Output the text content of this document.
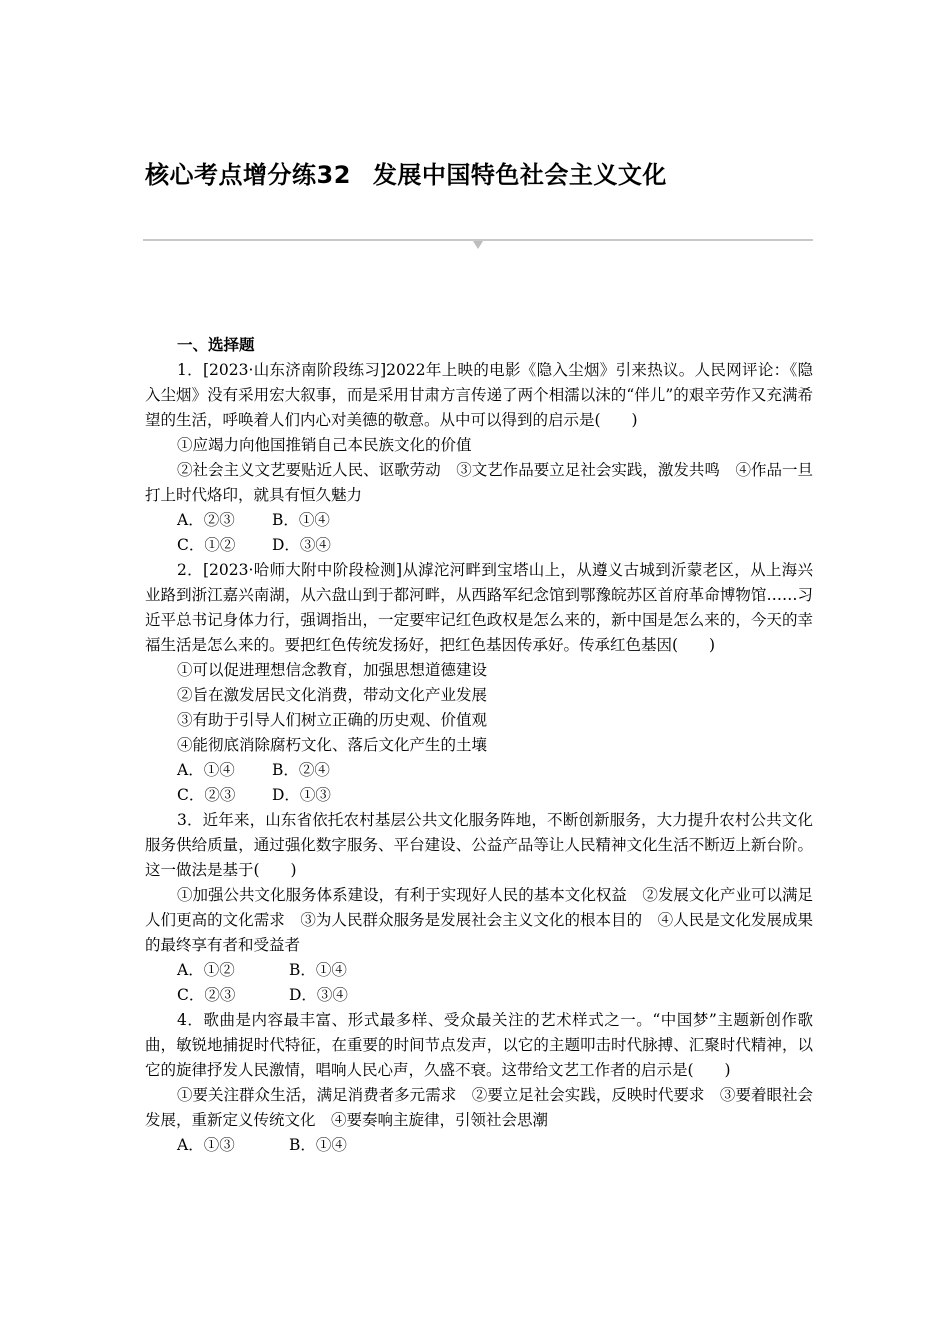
核心考点增分练32 发展中国特色社会主义文化

一、选择题

1．[2023·山东济南阶段练习]2022年上映的电影《隐入尘烟》引来热议。人民网评论：《隐入尘烟》没有采用宏大叙事，而是采用甘肃方言传递了两个相濡以沫的“伴儿”的艰辛劳作又充满希望的生活，呼唤着人们内心对美德的敬意。从中可以得到的启示是(　　)

①应竭力向他国推销自己本民族文化的价值

②社会主义文艺要贴近人民、讴歌劳动　③文艺作品要立足社会实践，激发共鸣　④作品一旦打上时代烙印，就具有恒久魅力

A．②③ B．①④

C．①② D．③④

2．[2023·哈师大附中阶段检测]从滹沱河畔到宝塔山上，从遵义古城到沂蒙老区，从上海兴业路到浙江嘉兴南湖，从六盘山到于都河畔，从西路军纪念馆到鄂豫皖苏区首府革命博物馆……习近平总书记身体力行，强调指出，一定要牢记红色政权是怎么来的，新中国是怎么来的，今天的幸福生活是怎么来的。要把红色传统发扬好，把红色基因传承好。传承红色基因(　　)

①可以促进理想信念教育，加强思想道德建设

②旨在激发居民文化消费，带动文化产业发展

③有助于引导人们树立正确的历史观、价值观

④能彻底消除腐朽文化、落后文化产生的土壤

A．①④ B．②④

C．②③ D．①③

3．近年来，山东省依托农村基层公共文化服务阵地，不断创新服务，大力提升农村公共文化服务供给质量，通过强化数字服务、平台建设、公益产品等让人民精神文化生活不断迈上新台阶。这一做法是基于(　　)

①加强公共文化服务体系建设，有利于实现好人民的基本文化权益　②发展文化产业可以满足人们更高的文化需求　③为人民群众服务是发展社会主义文化的根本目的　④人民是文化发展成果的最终享有者和受益者

A．①②	B．①④

C．②③	D．③④

4．歌曲是内容最丰富、形式最多样、受众最关注的艺术样式之一。“中国梦”主题新创作歌曲，敏锐地捕捉时代特征，在重要的时间节点发声，以它的主题叩击时代脉搏、汇聚时代精神，以它的旋律抒发人民激情，唱响人民心声，久盛不衰。这带给文艺工作者的启示是(　　)

①要关注群众生活，满足消费者多元需求　②要立足社会实践，反映时代要求　③要着眼社会发展，重新定义传统文化　④要奏响主旋律，引领社会思潮

A．①③	B．①④
